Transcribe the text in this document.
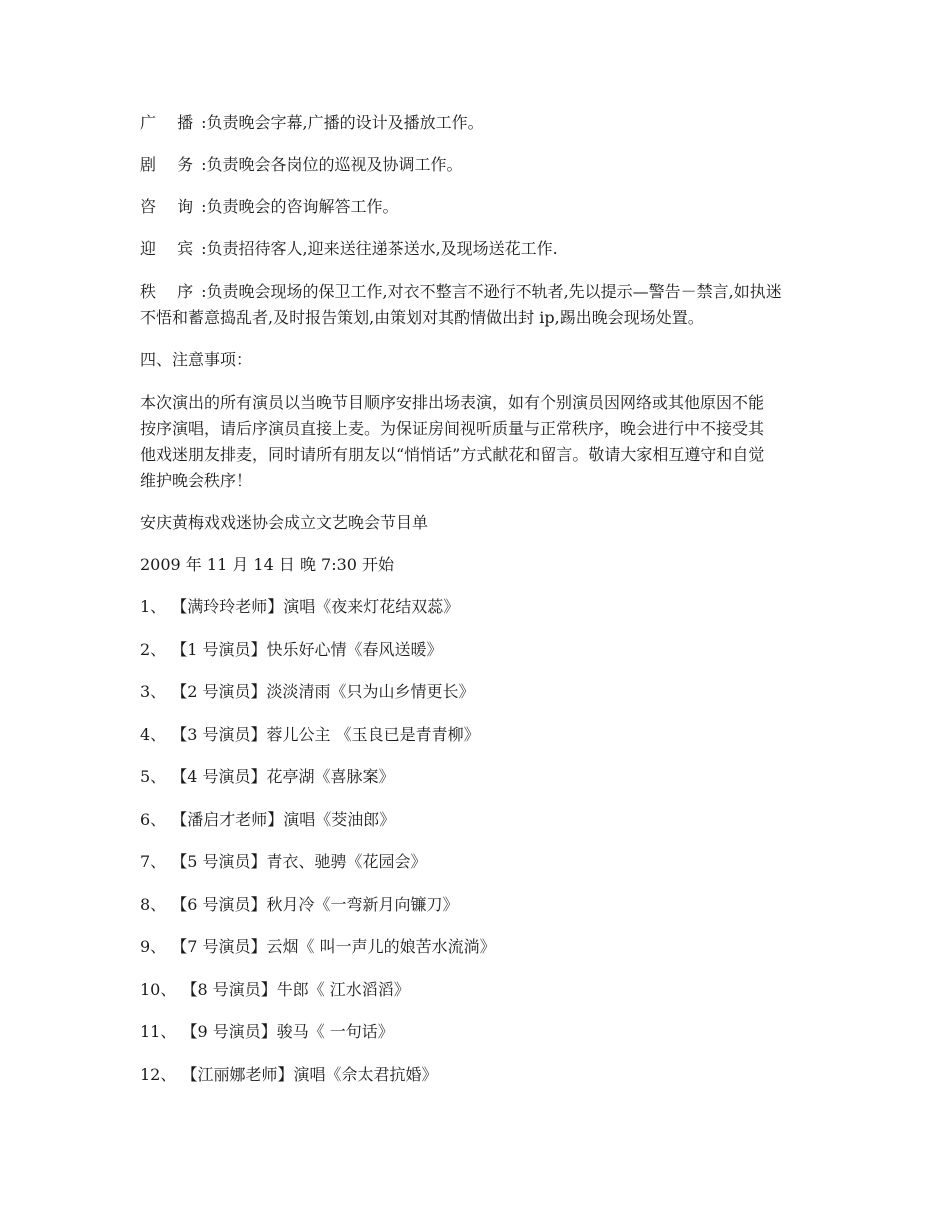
广 播:负责晚会字幕,广播的设计及播放工作。

剧 务:负责晚会各岗位的巡视及协调工作。

咨 询:负责晚会的咨询解答工作。

迎 宾:负责招待客人,迎来送往递茶送水,及现场送花工作.

秩 序:负责晚会现场的保卫工作,对衣不整言不逊行不轨者,先以提示—警告－禁言,如执迷
不悟和蓄意捣乱者,及时报告策划,由策划对其酌情做出封 ip,踢出晚会现场处置。

四、注意事项：

本次演出的所有演员以当晚节目顺序安排出场表演，如有个别演员因网络或其他原因不能
按序演唱，请后序演员直接上麦。为保证房间视听质量与正常秩序，晚会进行中不接受其
他戏迷朋友排麦，同时请所有朋友以“悄悄话”方式献花和留言。敬请大家相互遵守和自觉
维护晚会秩序！

安庆黄梅戏戏迷协会成立文艺晚会节目单

2009 年 11 月 14 日 晚 7:30 开始

1、 【满玲玲老师】演唱《夜来灯花结双蕊》

2、 【1 号演员】快乐好心情《春风送暖》

3、 【2 号演员】淡淡清雨《只为山乡情更长》

4、 【3 号演员】蓉儿公主 《玉良已是青青柳》

5、 【4 号演员】花亭湖《喜脉案》

6、 【潘启才老师】演唱《茭油郎》

7、 【5 号演员】青衣、驰骋《花园会》

8、 【6 号演员】秋月冷《一弯新月向镰刀》

9、 【7 号演员】云烟《 叫一声儿的娘苦水流淌》

10、 【8 号演员】牛郎《 江水滔滔》

11、 【9 号演员】骏马《 一句话》

12、 【江丽娜老师】演唱《佘太君抗婚》
